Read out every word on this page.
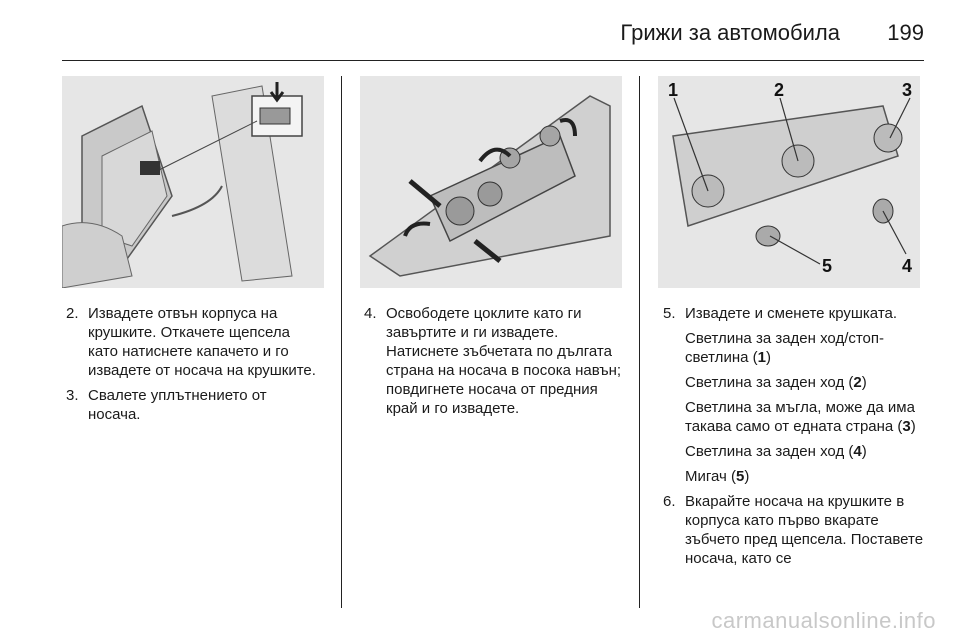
Грижи за автомобила 199
1	2	3
4
5
2. Извадете отвън корпуса на крушките. Откачете щепсела като натиснете капачето и го извадете от носача на крушките.
3. Свалете уплътнението от носача.
4. Освободете цоклите като ги завъртите и ги извадете. Натиснете зъбчетата по дългата страна на носача в посока навън; повдигнете носача от предния край и го извадете.
5. Извадете и сменете крушката.
Светлина за заден ход/стоп-светлина (1)
Светлина за заден ход (2)
Светлина за мъгла, може да има такава само от едната страна (3)
Светлина за заден ход (4)
Мигач (5)
6. Вкарайте носача на крушките в корпуса като първо вкарате зъбчето пред щепсела. Поставете носача, като се
carmanualsonline.info
